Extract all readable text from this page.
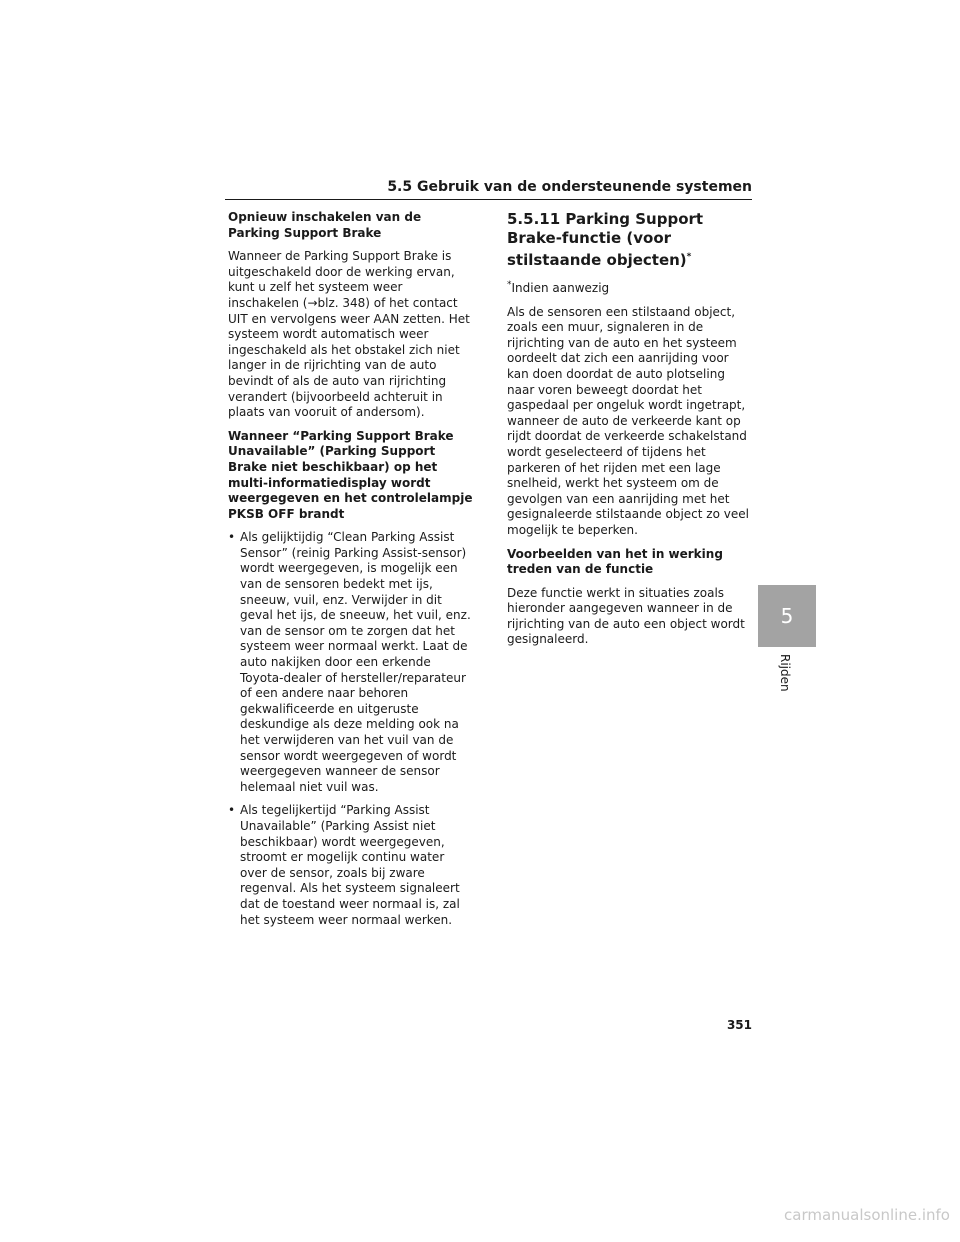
5.5 Gebruik van de ondersteunende systemen

Opnieuw inschakelen van de Parking Support Brake

Wanneer de Parking Support Brake is uitgeschakeld door de werking ervan, kunt u zelf het systeem weer inschakelen (→blz. 348) of het contact UIT en vervolgens weer AAN zetten. Het systeem wordt automatisch weer ingeschakeld als het obstakel zich niet langer in de rijrichting van de auto bevindt of als de auto van rijrichting verandert (bijvoorbeeld achteruit in plaats van vooruit of andersom).

Wanneer “Parking Support Brake Unavailable” (Parking Support Brake niet beschikbaar) op het multi-informatiedisplay wordt weergegeven en het controlelampje PKSB OFF brandt

• Als gelijktijdig “Clean Parking Assist Sensor” (reinig Parking Assist-sensor) wordt weergegeven, is mogelijk een van de sensoren bedekt met ijs, sneeuw, vuil, enz. Verwijder in dit geval het ijs, de sneeuw, het vuil, enz. van de sensor om te zorgen dat het systeem weer normaal werkt. Laat de auto nakijken door een erkende Toyota-dealer of hersteller/reparateur of een andere naar behoren gekwalificeerde en uitgeruste deskundige als deze melding ook na het verwijderen van het vuil van de sensor wordt weergegeven of wordt weergegeven wanneer de sensor helemaal niet vuil was.
• Als tegelijkertijd “Parking Assist Unavailable” (Parking Assist niet beschikbaar) wordt weergegeven, stroomt er mogelijk continu water over de sensor, zoals bij zware regenval. Als het systeem signaleert dat de toestand weer normaal is, zal het systeem weer normaal werken.
5.5.11 Parking Support Brake-functie (voor stilstaande objecten)*

*Indien aanwezig

Als de sensoren een stilstaand object, zoals een muur, signaleren in de rijrichting van de auto en het systeem oordeelt dat zich een aanrijding voor kan doen doordat de auto plotseling naar voren beweegt doordat het gaspedaal per ongeluk wordt ingetrapt, wanneer de auto de verkeerde kant op rijdt doordat de verkeerde schakelstand wordt geselecteerd of tijdens het parkeren of het rijden met een lage snelheid, werkt het systeem om de gevolgen van een aanrijding met het gesignaleerde stilstaande object zo veel mogelijk te beperken.

Voorbeelden van het in werking treden van de functie

Deze functie werkt in situaties zoals hieronder aangegeven wanneer in de rijrichting van de auto een object wordt gesignaleerd.

5
Rijden
351
carmanualsonline.info
